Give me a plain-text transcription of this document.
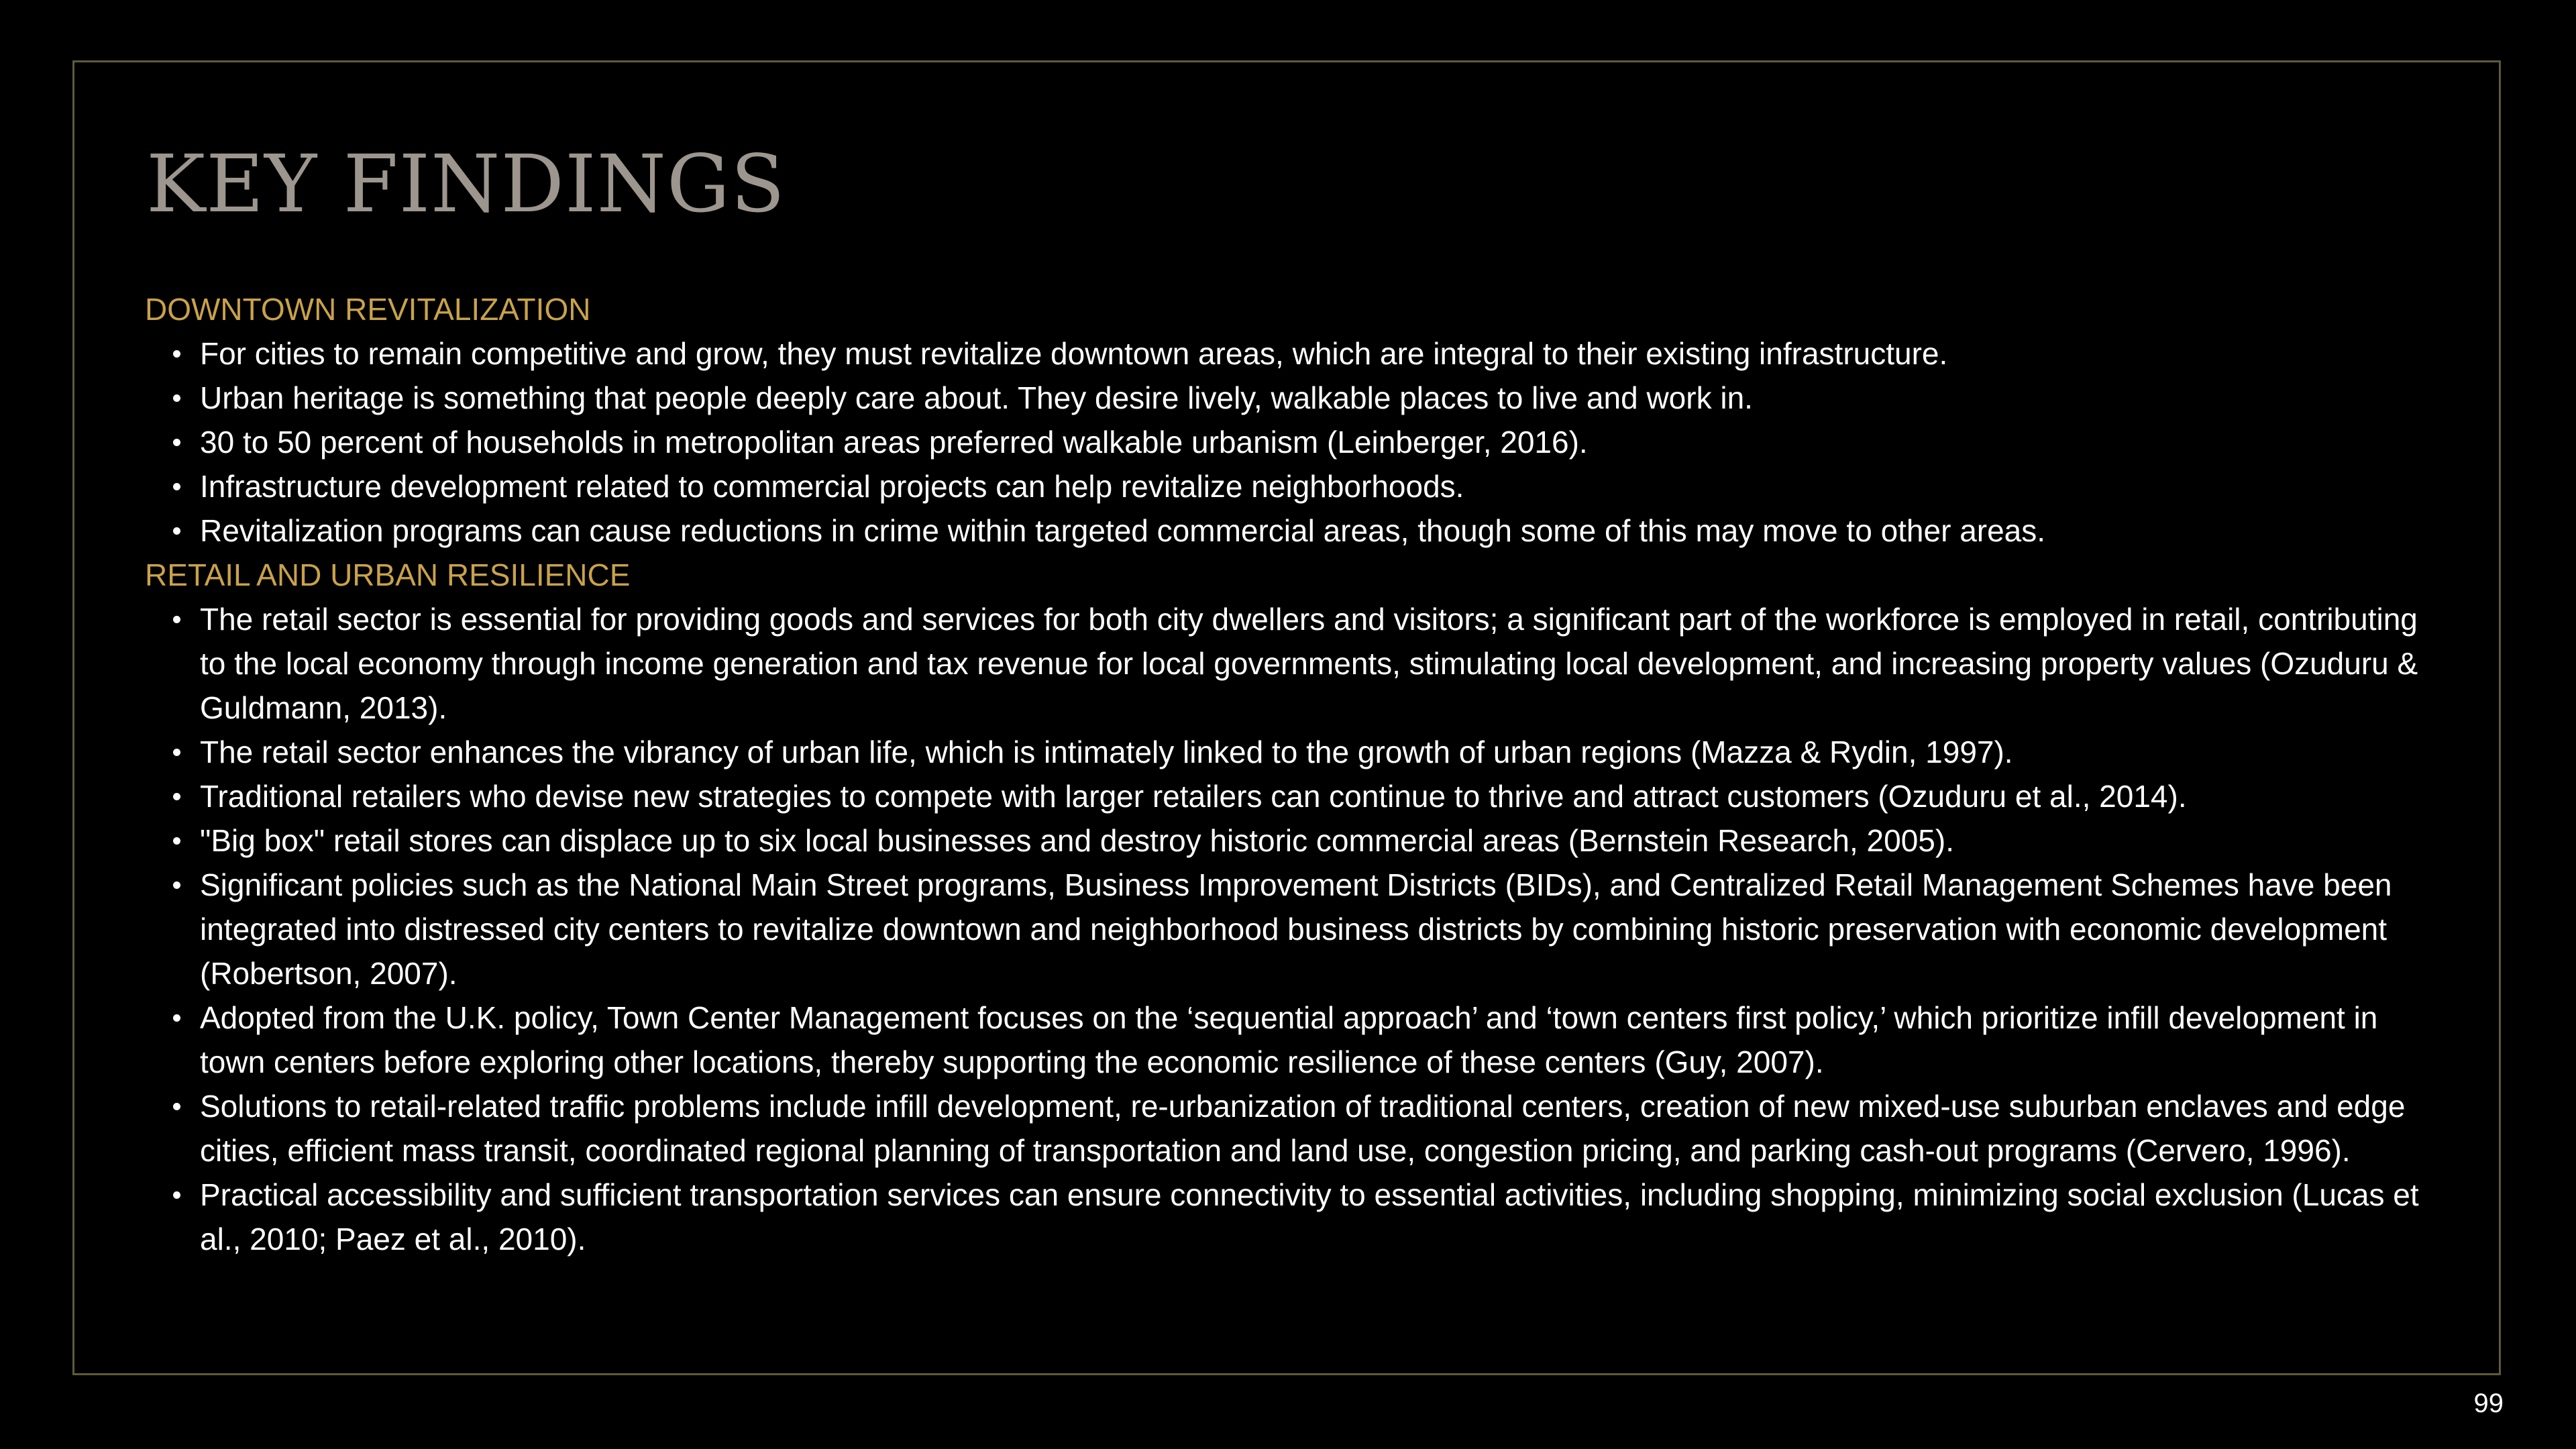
KEY FINDINGS

DOWNTOWN REVITALIZATION

For cities to remain competitive and grow, they must revitalize downtown areas, which are integral to their existing infrastructure.
Urban heritage is something that people deeply care about. They desire lively, walkable places to live and work in.
30 to 50 percent of households in metropolitan areas preferred walkable urbanism (Leinberger, 2016).
Infrastructure development related to commercial projects can help revitalize neighborhoods.
Revitalization programs can cause reductions in crime within targeted commercial areas, though some of this may move to other areas.

RETAIL AND URBAN RESILIENCE

The retail sector is essential for providing goods and services for both city dwellers and visitors; a significant part of the workforce is employed in retail, contributing to the local economy through income generation and tax revenue for local governments, stimulating local development, and increasing property values (Ozuduru & Guldmann, 2013).
The retail sector enhances the vibrancy of urban life, which is intimately linked to the growth of urban regions (Mazza & Rydin, 1997).
Traditional retailers who devise new strategies to compete with larger retailers can continue to thrive and attract customers (Ozuduru et al., 2014).
"Big box" retail stores can displace up to six local businesses and destroy historic commercial areas (Bernstein Research, 2005).
Significant policies such as the National Main Street programs, Business Improvement Districts (BIDs), and Centralized Retail Management Schemes have been integrated into distressed city centers to revitalize downtown and neighborhood business districts by combining historic preservation with economic development (Robertson, 2007).
Adopted from the U.K. policy, Town Center Management focuses on the ‘sequential approach’ and ‘town centers first policy,’ which prioritize infill development in town centers before exploring other locations, thereby supporting the economic resilience of these centers (Guy, 2007).
Solutions to retail-related traffic problems include infill development, re-urbanization of traditional centers, creation of new mixed-use suburban enclaves and edge cities, efficient mass transit, coordinated regional planning of transportation and land use, congestion pricing, and parking cash-out programs (Cervero, 1996).
Practical accessibility and sufficient transportation services can ensure connectivity to essential activities, including shopping, minimizing social exclusion (Lucas et al., 2010; Paez et al., 2010).
99
